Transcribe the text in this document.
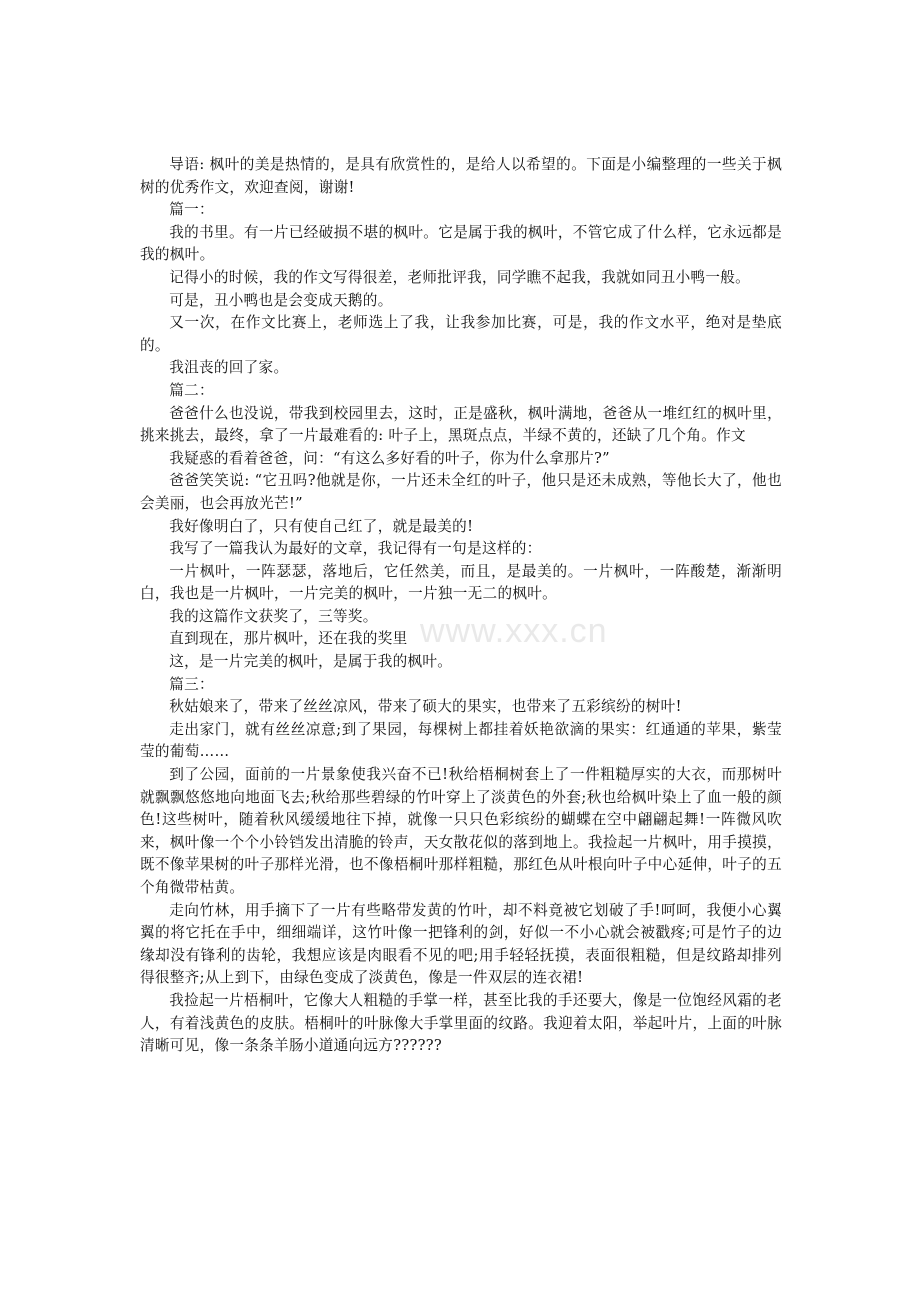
www.xxx.cn

导语: 枫叶的美是热情的，是具有欣赏性的，是给人以希望的。下面是小编整理的一些关于枫树的优秀作文，欢迎查阅，谢谢!

篇一：

我的书里。有一片已经破损不堪的枫叶。它是属于我的枫叶，不管它成了什么样，它永远都是我的枫叶。

记得小的时候，我的作文写得很差，老师批评我，同学瞧不起我，我就如同丑小鸭一般。

可是，丑小鸭也是会变成天鹅的。

又一次，在作文比赛上，老师选上了我，让我参加比赛，可是，我的作文水平，绝对是垫底的。

我沮丧的回了家。

篇二：

爸爸什么也没说，带我到校园里去，这时，正是盛秋，枫叶满地，爸爸从一堆红红的枫叶里，挑来挑去，最终，拿了一片最难看的: 叶子上，黑斑点点，半绿不黄的，还缺了几个角。作文

我疑惑的看着爸爸，问：“有这么多好看的叶子，你为什么拿那片?”

爸爸笑笑说: “它丑吗?他就是你，一片还未全红的叶子，他只是还未成熟，等他长大了，他也会美丽，也会再放光芒!”

我好像明白了，只有使自己红了，就是最美的!

我写了一篇我认为最好的文章，我记得有一句是这样的：

一片枫叶，一阵瑟瑟，落地后，它任然美，而且，是最美的。一片枫叶，一阵酸楚，渐渐明白，我也是一片枫叶，一片完美的枫叶，一片独一无二的枫叶。

我的这篇作文获奖了，三等奖。

直到现在，那片枫叶，还在我的奖里

这，是一片完美的枫叶，是属于我的枫叶。

篇三：

秋姑娘来了，带来了丝丝凉风，带来了硕大的果实，也带来了五彩缤纷的树叶!

走出家门，就有丝丝凉意;到了果园，每棵树上都挂着妖艳欲滴的果实：红通通的苹果，紫莹莹的葡萄……

到了公园，面前的一片景象使我兴奋不已!秋给梧桐树套上了一件粗糙厚实的大衣，而那树叶就飘飘悠悠地向地面飞去;秋给那些碧绿的竹叶穿上了淡黄色的外套;秋也给枫叶染上了血一般的颜色!这些树叶，随着秋风缓缓地往下掉，就像一只只色彩缤纷的蝴蝶在空中翩翩起舞!一阵微风吹来，枫叶像一个个小铃铛发出清脆的铃声，天女散花似的落到地上。我捡起一片枫叶，用手摸摸，既不像苹果树的叶子那样光滑，也不像梧桐叶那样粗糙，那红色从叶根向叶子中心延伸，叶子的五个角微带枯黄。

走向竹林，用手摘下了一片有些略带发黄的竹叶，却不料竟被它划破了手!呵呵，我便小心翼翼的将它托在手中，细细端详，这竹叶像一把锋利的剑，好似一不小心就会被戳疼;可是竹子的边缘却没有锋利的齿轮，我想应该是肉眼看不见的吧;用手轻轻抚摸，表面很粗糙，但是纹路却排列得很整齐;从上到下，由绿色变成了淡黄色，像是一件双层的连衣裙!

我捡起一片梧桐叶，它像大人粗糙的手掌一样，甚至比我的手还要大，像是一位饱经风霜的老人，有着浅黄色的皮肤。梧桐叶的叶脉像大手掌里面的纹路。我迎着太阳，举起叶片，上面的叶脉清晰可见，像一条条羊肠小道通向远方??????
